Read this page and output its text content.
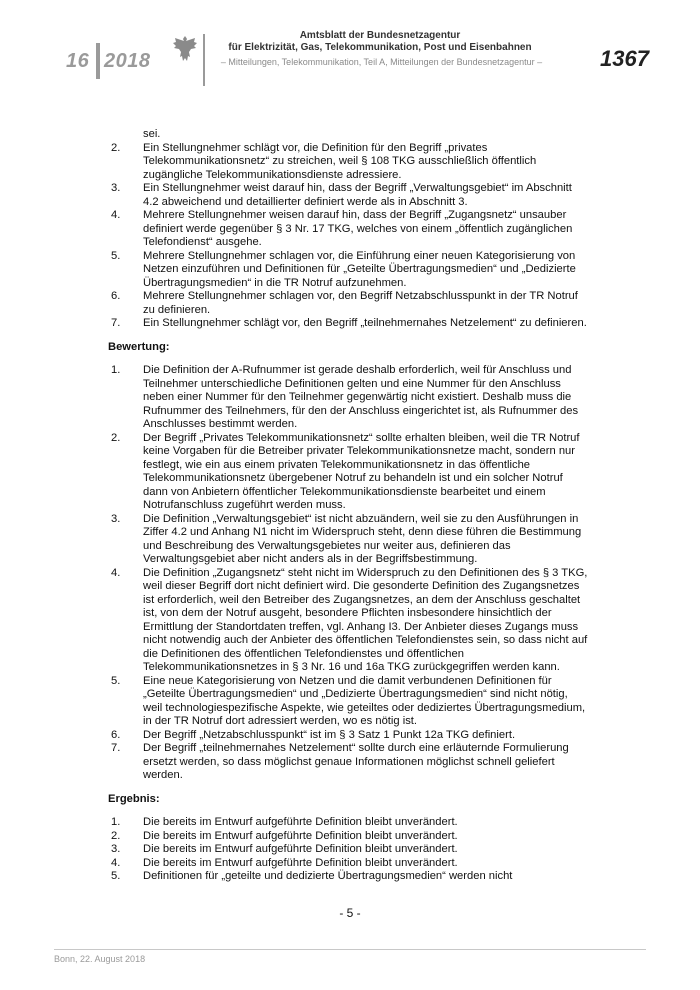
16 2018
Amtsblatt der Bundesnetzagentur
für Elektrizität, Gas, Telekommunikation, Post und Eisenbahnen
– Mitteilungen, Telekommunikation, Teil A, Mitteilungen der Bundesnetzagentur –	1367
sei.
2. Ein Stellungnehmer schlägt vor, die Definition für den Begriff „privates Telekommunikationsnetz“ zu streichen, weil § 108 TKG ausschließlich öffentlich zugängliche Telekommunikationsdienste adressiere.
3. Ein Stellungnehmer weist darauf hin, dass der Begriff „Verwaltungsgebiet“ im Abschnitt 4.2 abweichend und detaillierter definiert werde als in Abschnitt 3.
4. Mehrere Stellungnehmer weisen darauf hin, dass der Begriff „Zugangsnetz“ unsauber definiert werde gegenüber § 3 Nr. 17 TKG, welches von einem „öffentlich zugänglichen Telefondienst“ ausgehe.
5. Mehrere Stellungnehmer schlagen vor, die Einführung einer neuen Kategorisierung von Netzen einzuführen und Definitionen für „Geteilte Übertragungsmedien“ und „Dedizierte Übertragungsmedien“ in die TR Notruf aufzunehmen.
6. Mehrere Stellungnehmer schlagen vor, den Begriff Netzabschlusspunkt in der TR Notruf zu definieren.
7. Ein Stellungnehmer schlägt vor, den Begriff „teilnehmernahes Netzelement“ zu definieren.
Bewertung:
1. Die Definition der A-Rufnummer ist gerade deshalb erforderlich, weil für Anschluss und Teilnehmer unterschiedliche Definitionen gelten und eine Nummer für den Anschluss neben einer Nummer für den Teilnehmer gegenwärtig nicht existiert. Deshalb muss die Rufnummer des Teilnehmers, für den der Anschluss eingerichtet ist, als Rufnummer des Anschlusses bestimmt werden.
2. Der Begriff „Privates Telekommunikationsnetz“ sollte erhalten bleiben, weil die TR Notruf keine Vorgaben für die Betreiber privater Telekommunikationsnetze macht, sondern nur festlegt, wie ein aus einem privaten Telekommunikationsnetz in das öffentliche Telekommunikationsnetz übergebener Notruf zu behandeln ist und ein solcher Notruf dann von Anbietern öffentlicher Telekommunikationsdienste bearbeitet und einem Notrufanschluss zugeführt werden muss.
3. Die Definition „Verwaltungsgebiet“ ist nicht abzuändern, weil sie zu den Ausführungen in Ziffer 4.2 und Anhang N1 nicht im Widerspruch steht, denn diese führen die Bestimmung und Beschreibung des Verwaltungsgebietes nur weiter aus, definieren das Verwaltungsgebiet aber nicht anders als in der Begriffsbestimmung.
4. Die Definition „Zugangsnetz“ steht nicht im Widerspruch zu den Definitionen des § 3 TKG, weil dieser Begriff dort nicht definiert wird. Die gesonderte Definition des Zugangsnetzes ist erforderlich, weil den Betreiber des Zugangsnetzes, an dem der Anschluss geschaltet ist, von dem der Notruf ausgeht, besondere Pflichten insbesondere hinsichtlich der Ermittlung der Standortdaten treffen, vgl. Anhang I3. Der Anbieter dieses Zugangs muss nicht notwendig auch der Anbieter des öffentlichen Telefondienstes sein, so dass nicht auf die Definitionen des öffentlichen Telefondienstes und öffentlichen Telekommunikationsnetzes in § 3 Nr. 16 und 16a TKG zurückgegriffen werden kann.
5. Eine neue Kategorisierung von Netzen und die damit verbundenen Definitionen für „Geteilte Übertragungsmedien“ und „Dedizierte Übertragungsmedien“ sind nicht nötig, weil technologiespezifische Aspekte, wie geteiltes oder dediziertes Übertragungsmedium, in der TR Notruf dort adressiert werden, wo es nötig ist.
6. Der Begriff „Netzabschlusspunkt“ ist im § 3 Satz 1 Punkt 12a TKG definiert.
7. Der Begriff „teilnehmernahes Netzelement“ sollte durch eine erläuternde Formulierung ersetzt werden, so dass möglichst genaue Informationen möglichst schnell geliefert werden.
Ergebnis:
1. Die bereits im Entwurf aufgeführte Definition bleibt unverändert.
2. Die bereits im Entwurf aufgeführte Definition bleibt unverändert.
3. Die bereits im Entwurf aufgeführte Definition bleibt unverändert.
4. Die bereits im Entwurf aufgeführte Definition bleibt unverändert.
5. Definitionen für „geteilte und dedizierte Übertragungsmedien“ werden nicht
- 5 -
Bonn, 22. August 2018
